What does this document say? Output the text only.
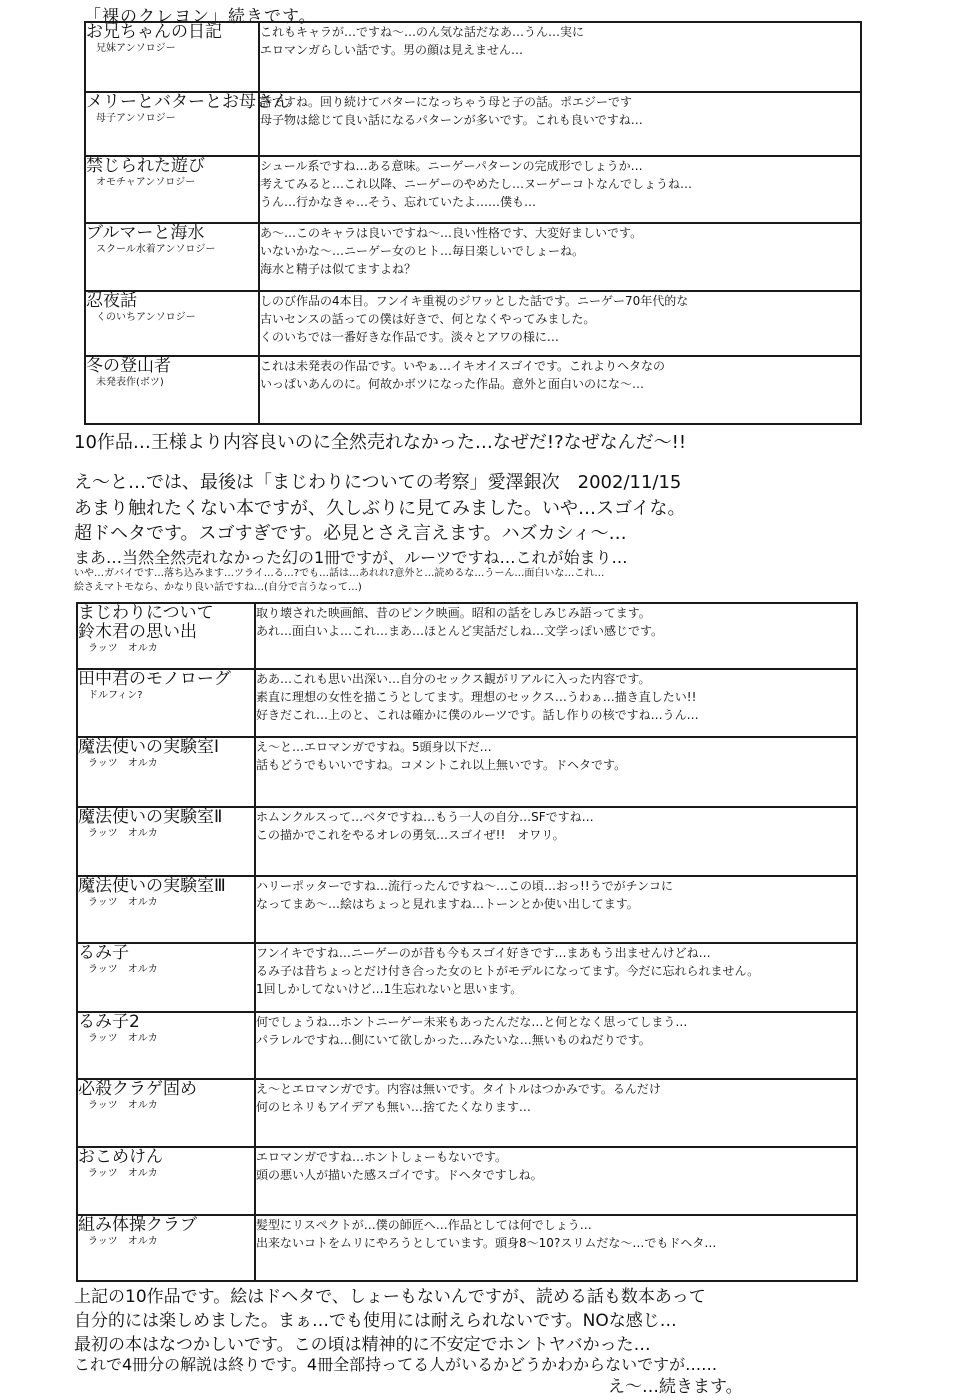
「裸のクレヨン」続きです。
お兄ちゃんの日記
兄妹アンソロジー	これもキャラが…ですね〜…のん気な話だなあ…うん…実に
エロマンガらしい話です。男の顔は見えません…

メリーとバターとお母さん
母子アンソロジー	詩ですね。回り続けてバターになっちゃう母と子の話。ポエジーです
母子物は総じて良い話になるパターンが多いです。これも良いですね…

禁じられた遊び
オモチャアンソロジー	シュール系ですね…ある意味。ニーゲーパターンの完成形でしょうか…
考えてみると…これ以降、ニーゲーのやめたし…ヌーゲーコトなんでしょうね…
うん…行かなきゃ…そう、忘れていたよ……僕も…

ブルマーと海水
スクール水着アンソロジー	あ〜…このキャラは良いですね〜…良い性格です、大変好ましいです。
いないかな〜…ニーゲー女のヒト…毎日楽しいでしょーね。
海水と精子は似てますよね？

忍夜話
くのいちアンソロジー	しのび作品の4本目。フンイキ重視のジワッとした話です。ニーゲー70年代的な
古いセンスの話っての僕は好きで、何となくやってみました。
くのいちでは一番好きな作品です。淡々とアワの様に…

冬の登山者
未発表作(ボツ)	これは未発表の作品です。いやぁ…イキオイスゴイです。これよりヘタなの
いっぱいあんのに。何故かボツになった作品。意外と面白いのにな〜…
10作品…王様より内容良いのに全然売れなかった…なぜだ!?なぜなんだ〜!!
え〜と…では、最後は「まじわりについての考察」愛澤銀次　2002/11/15
あまり触れたくない本ですが、久しぶりに見てみました。いや…スゴイな。
超ドヘタです。スゴすぎです。必見とさえ言えます。ハズカシィ〜…
まあ…当然全然売れなかった幻の1冊ですが、ルーツですね…これが始まり…
いや…ガバイです…落ち込みます…ツライ…る…?でも…話は…あれれ?意外と…読めるな…うーん…面白いな…これ…
絵さえマトモなら、かなり良い話ですね…(自分で言うなって…)
まじわりについて
鈴木君の思い出
ラッツ　オルカ	取り壊された映画館、昔のピンク映画。昭和の話をしみじみ語ってます。
あれ…面白いよ…これ…まあ…ほとんど実話だしね…文学っぽい感じです。

田中君のモノローグ
ドルフィン?	ああ…これも思い出深い…自分のセックス観がリアルに入った内容です。
素直に理想の女性を描こうとしてます。理想のセックス…うわぁ…描き直したい!!
好きだこれ…上のと、これは確かに僕のルーツです。話し作りの核ですね…うん…

魔法使いの実験室Ⅰ
ラッツ　オルカ	え〜と…エロマンガですね。5頭身以下だ…
話もどうでもいいですね。コメントこれ以上無いです。ドヘタです。

魔法使いの実験室Ⅱ
ラッツ　オルカ	ホムンクルスって…ベタですね…もう一人の自分…SFですね…
この描かでこれをやるオレの勇気…スゴイぜ!!　オワリ。

魔法使いの実験室Ⅲ
ラッツ　オルカ	ハリーポッターですね…流行ったんですね〜…この頃…おっ!!うでがチンコに
なってまあ〜…絵はちょっと見れますね…トーンとか使い出してます。

るみ子
ラッツ　オルカ	フンイキですね…ニーゲーのが昔も今もスゴイ好きです…まあもう出ませんけどね…
るみ子は昔ちょっとだけ付き合った女のヒトがモデルになってます。今だに忘れられません。
1回しかしてないけど…1生忘れないと思います。

るみ子2
ラッツ　オルカ	何でしょうね…ホントニーゲー未来もあったんだな…と何となく思ってしまう…
パラレルですね…側にいて欲しかった…みたいな…無いものねだりです。

必殺クラゲ固め
ラッツ　オルカ	え〜とエロマンガです。内容は無いです。タイトルはつかみです。るんだけ
何のヒネリもアイデアも無い…捨てたくなります…

おこめけん
ラッツ　オルカ	エロマンガですね…ホントしょーもないです。
頭の悪い人が描いた感スゴイです。ドヘタですしね。

組み体操クラブ
ラッツ　オルカ	髪型にリスペクトが…僕の師匠へ…作品としては何でしょう…
出来ないコトをムリにやろうとしています。頭身8〜10?スリムだな〜…でもドヘタ…
上記の10作品です。絵はドヘタで、しょーもないんですが、読める話も数本あって
自分的には楽しめました。まぁ…でも使用には耐えられないです。NOな感じ…
最初の本はなつかしいです。この頃は精神的に不安定でホントヤバかった…
これで4冊分の解説は終りです。4冊全部持ってる人がいるかどうかわからないですが……
え〜…続きます。
